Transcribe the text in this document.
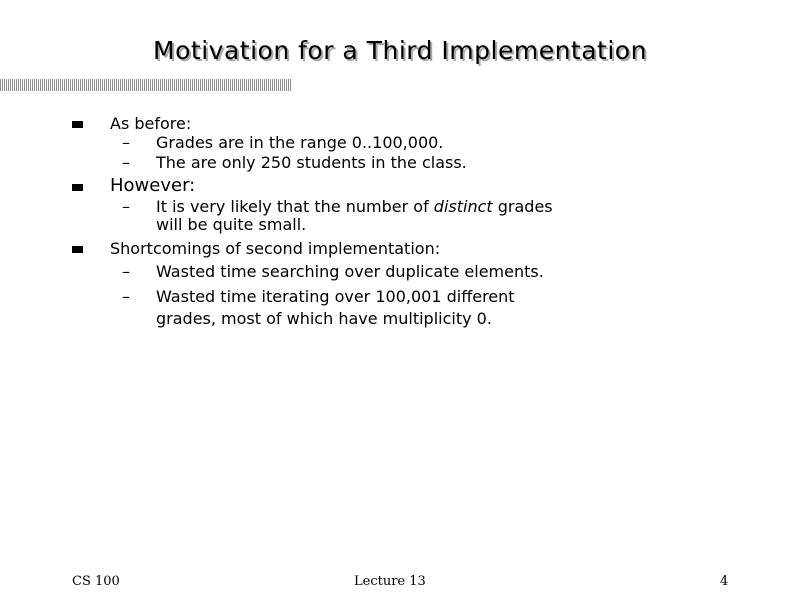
Motivation for a Third Implementation
As before:
– Grades are in the range 0..100,000.
– The are only 250 students in the class.
However:
– It is very likely that the number of distinct grades
will be quite small.
Shortcomings of second implementation:
– Wasted time searching over duplicate elements.
– Wasted time iterating over 100,001 different
grades, most of which have multiplicity 0.
CS 100	Lecture 13	4
